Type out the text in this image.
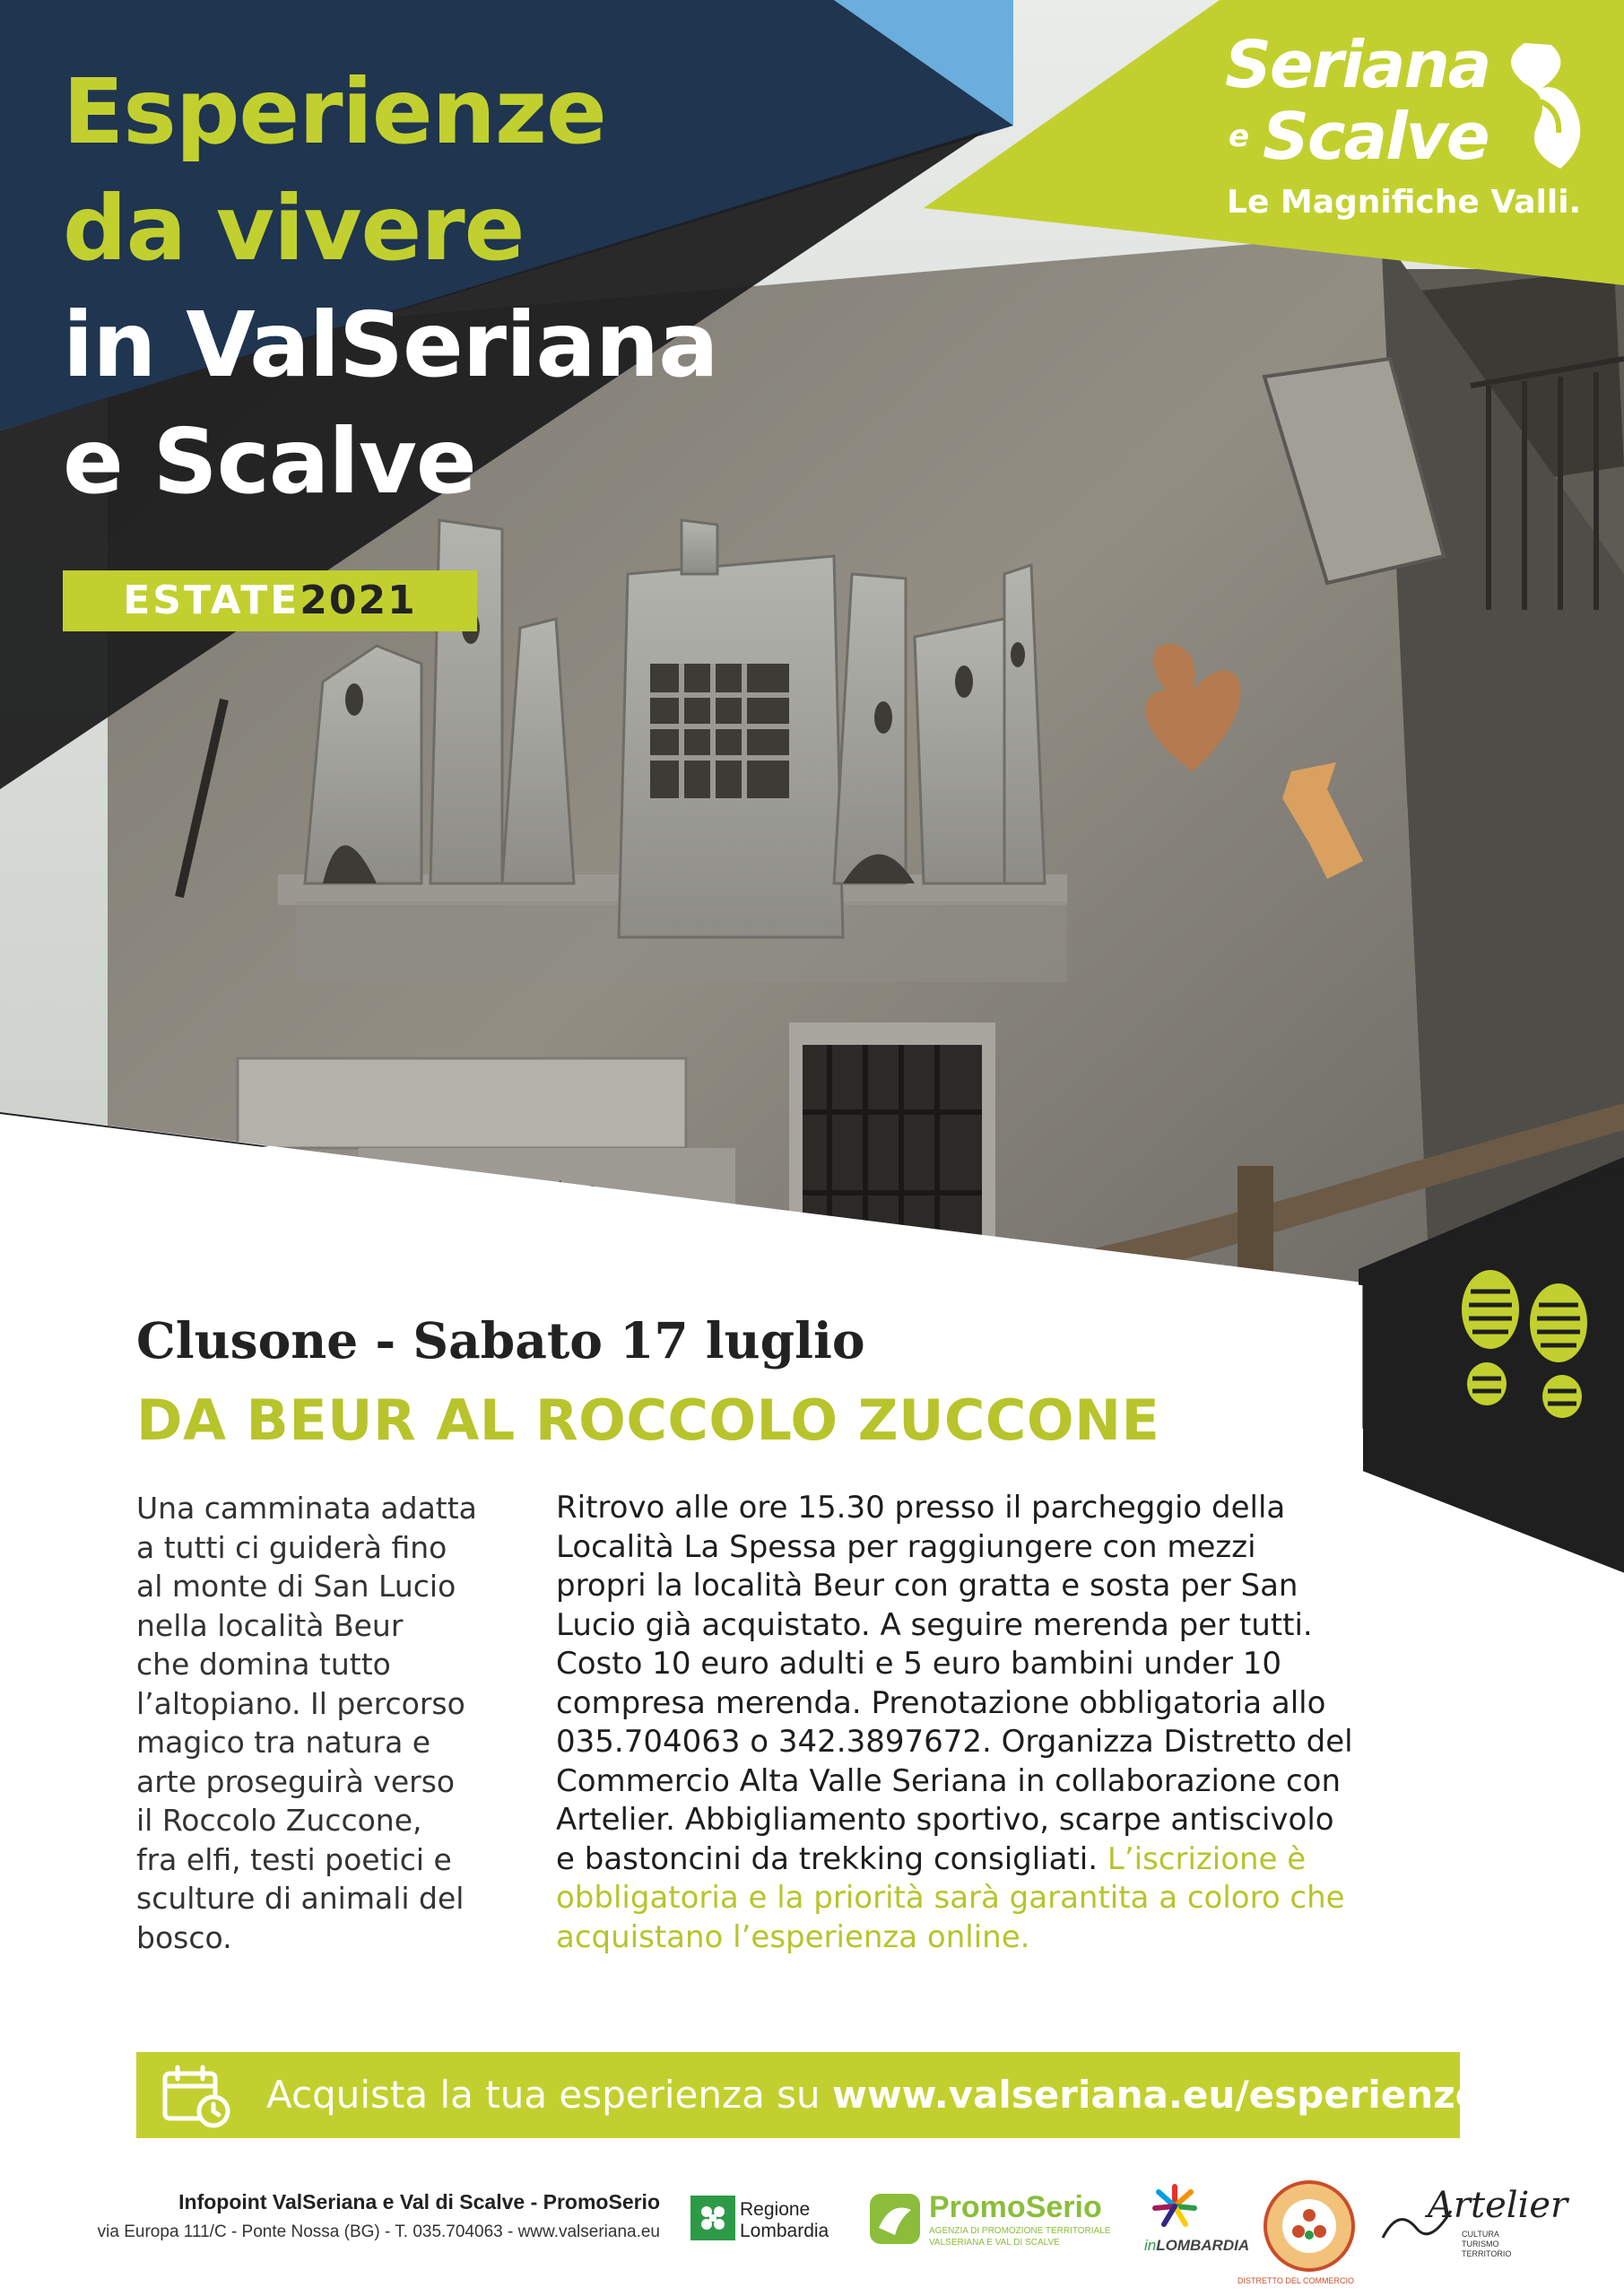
Esperienze
da vivere
in ValSeriana
e Scalve
ESTATE2021
Seriana
e Scalve
Le Magnifiche Valli.
Clusone - Sabato 17 luglio
DA BEUR AL ROCCOLO ZUCCONE
Una camminata adatta
a tutti ci guiderà fino
al monte di San Lucio
nella località Beur
che domina tutto
l’altopiano. Il percorso
magico tra natura e
arte proseguirà verso
il Roccolo Zuccone,
fra elfi, testi poetici e
sculture di animali del
bosco.
Ritrovo alle ore 15.30 presso il parcheggio della
Località La Spessa per raggiungere con mezzi
propri la località Beur con gratta e sosta per San
Lucio già acquistato. A seguire merenda per tutti.
Costo 10 euro adulti e 5 euro bambini under 10
compresa merenda. Prenotazione obbligatoria allo
035.704063 o 342.3897672. Organizza Distretto del
Commercio Alta Valle Seriana in collaborazione con
Artelier. Abbigliamento sportivo, scarpe antiscivolo
e bastoncini da trekking consigliati. L’iscrizione è
obbligatoria e la priorità sarà garantita a coloro che
acquistano l’esperienza online.
Acquista la tua esperienza su www.valseriana.eu/esperienze
Infopoint ValSeriana e Val di Scalve - PromoSerio
via Europa 111/C - Ponte Nossa (BG) - T. 035.704063 - www.valseriana.eu
Regione
Lombardia
PromoSerio
AGENZIA DI PROMOZIONE TERRITORIALE
VALSERIANA E VAL DI SCALVE	inLOMBARDIA
DISTRETTO DEL COMMERCIO
Artelier
CULTURA
TURISMO
TERRITORIO
